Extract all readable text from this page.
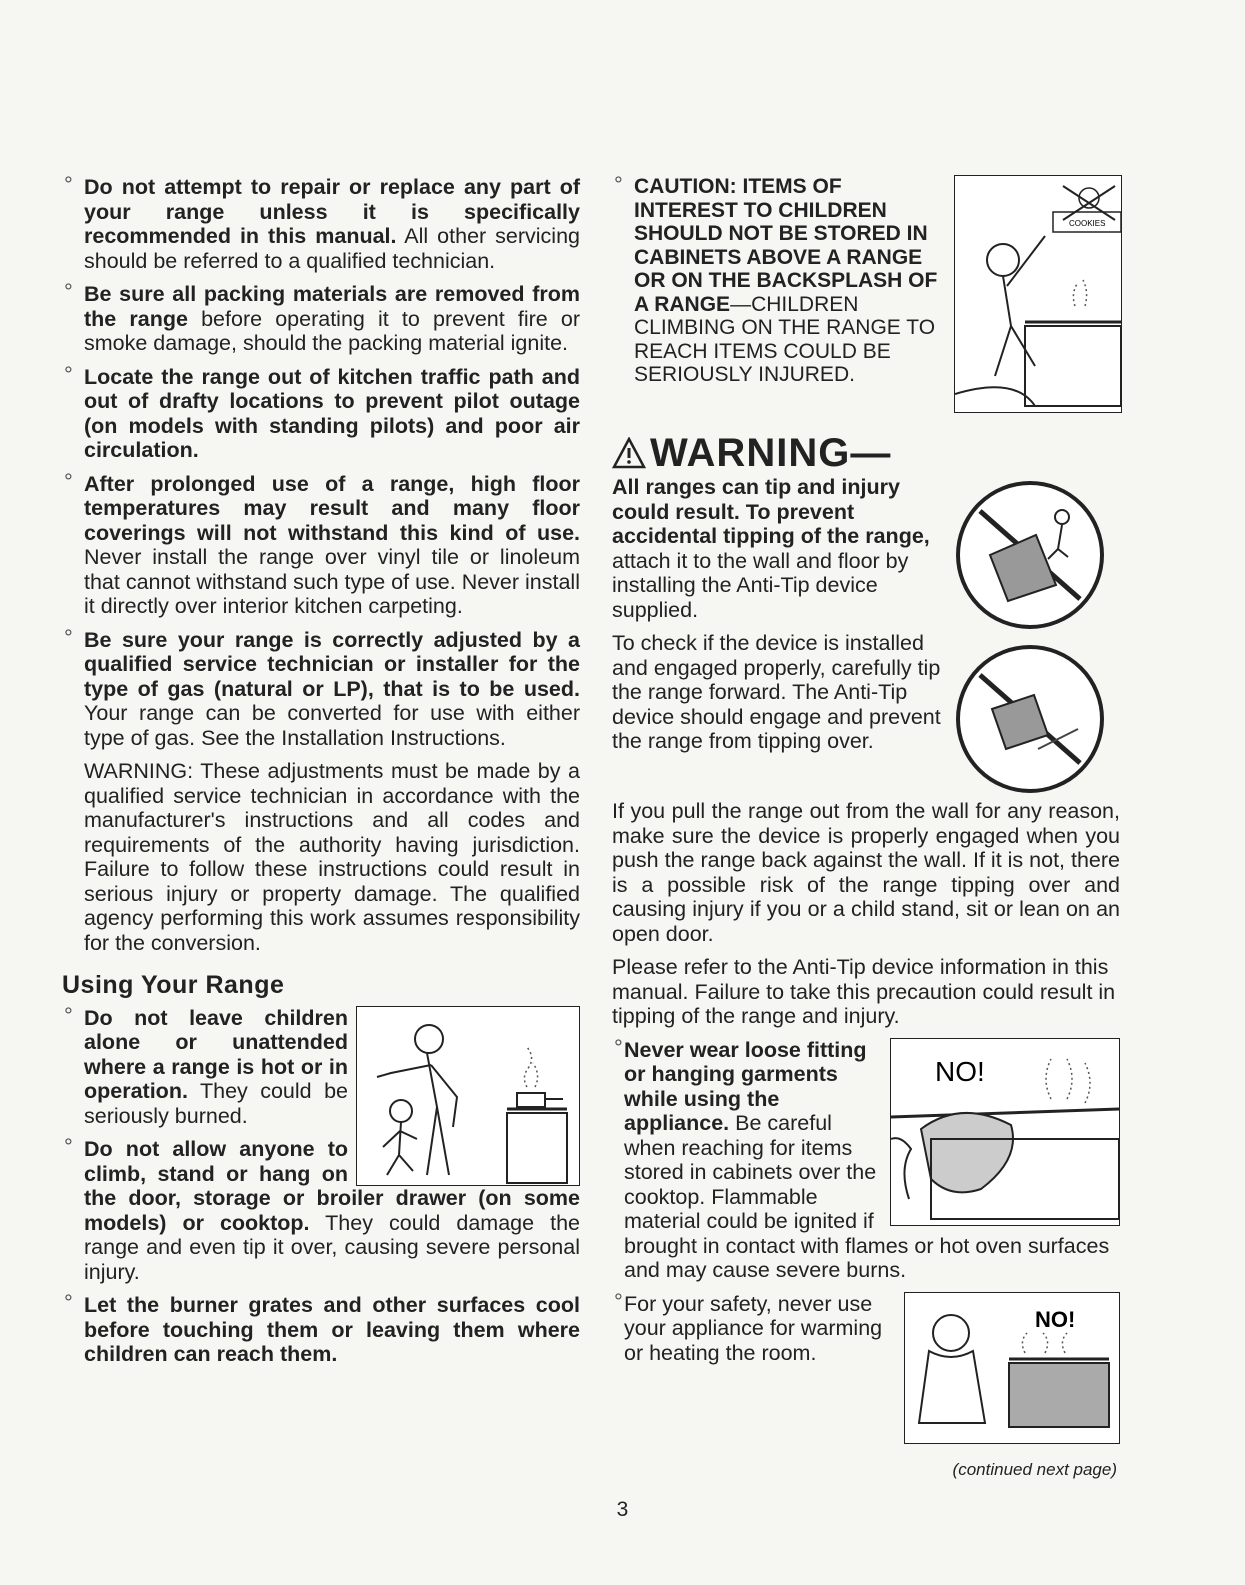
° Do not attempt to repair or replace any part of your range unless it is specifically recommended in this manual. All other servicing should be referred to a qualified technician.
° Be sure all packing materials are removed from the range before operating it to prevent fire or smoke damage, should the packing material ignite.
° Locate the range out of kitchen traffic path and out of drafty locations to prevent pilot outage (on models with standing pilots) and poor air circulation.
° After prolonged use of a range, high floor temperatures may result and many floor coverings will not withstand this kind of use. Never install the range over vinyl tile or linoleum that cannot withstand such type of use. Never install it directly over interior kitchen carpeting.
° Be sure your range is correctly adjusted by a qualified service technician or installer for the type of gas (natural or LP), that is to be used. Your range can be converted for use with either type of gas. See the Installation Instructions.
WARNING: These adjustments must be made by a qualified service technician in accordance with the manufacturer's instructions and all codes and requirements of the authority having jurisdiction. Failure to follow these instructions could result in serious injury or property damage. The qualified agency performing this work assumes responsibility for the conversion.
Using Your Range
° Do not leave children alone or unattended where a range is hot or in operation. They could be seriously burned.
° Do not allow anyone to climb, stand or hang on the door, storage or broiler drawer (on some models) or cooktop. They could damage the range and even tip it over, causing severe personal injury.
° Let the burner grates and other surfaces cool before touching them or leaving them where children can reach them.
° COOKIES
CAUTION: ITEMS OF INTEREST TO CHILDREN SHOULD NOT BE STORED IN CABINETS ABOVE A RANGE OR ON THE BACKSPLASH OF A RANGE—CHILDREN CLIMBING ON THE RANGE TO REACH ITEMS COULD BE SERIOUSLY INJURED.
WARNING—
All ranges can tip and injury could result. To prevent accidental tipping of the range, attach it to the wall and floor by installing the Anti-Tip device supplied.
To check if the device is installed and engaged properly, carefully tip the range forward. The Anti-Tip device should engage and prevent the range from tipping over.
If you pull the range out from the wall for any reason, make sure the device is properly engaged when you push the range back against the wall. If it is not, there is a possible risk of the range tipping over and causing injury if you or a child stand, sit or lean on an open door.
Please refer to the Anti-Tip device information in this manual. Failure to take this precaution could result in tipping of the range and injury.
° NO!
Never wear loose fitting or hanging garments while using the appliance. Be careful when reaching for items stored in cabinets over the cooktop. Flammable material could be ignited if brought in contact with flames or hot oven surfaces and may cause severe burns.
° NO!
For your safety, never use your appliance for warming or heating the room.
(continued next page)
3
